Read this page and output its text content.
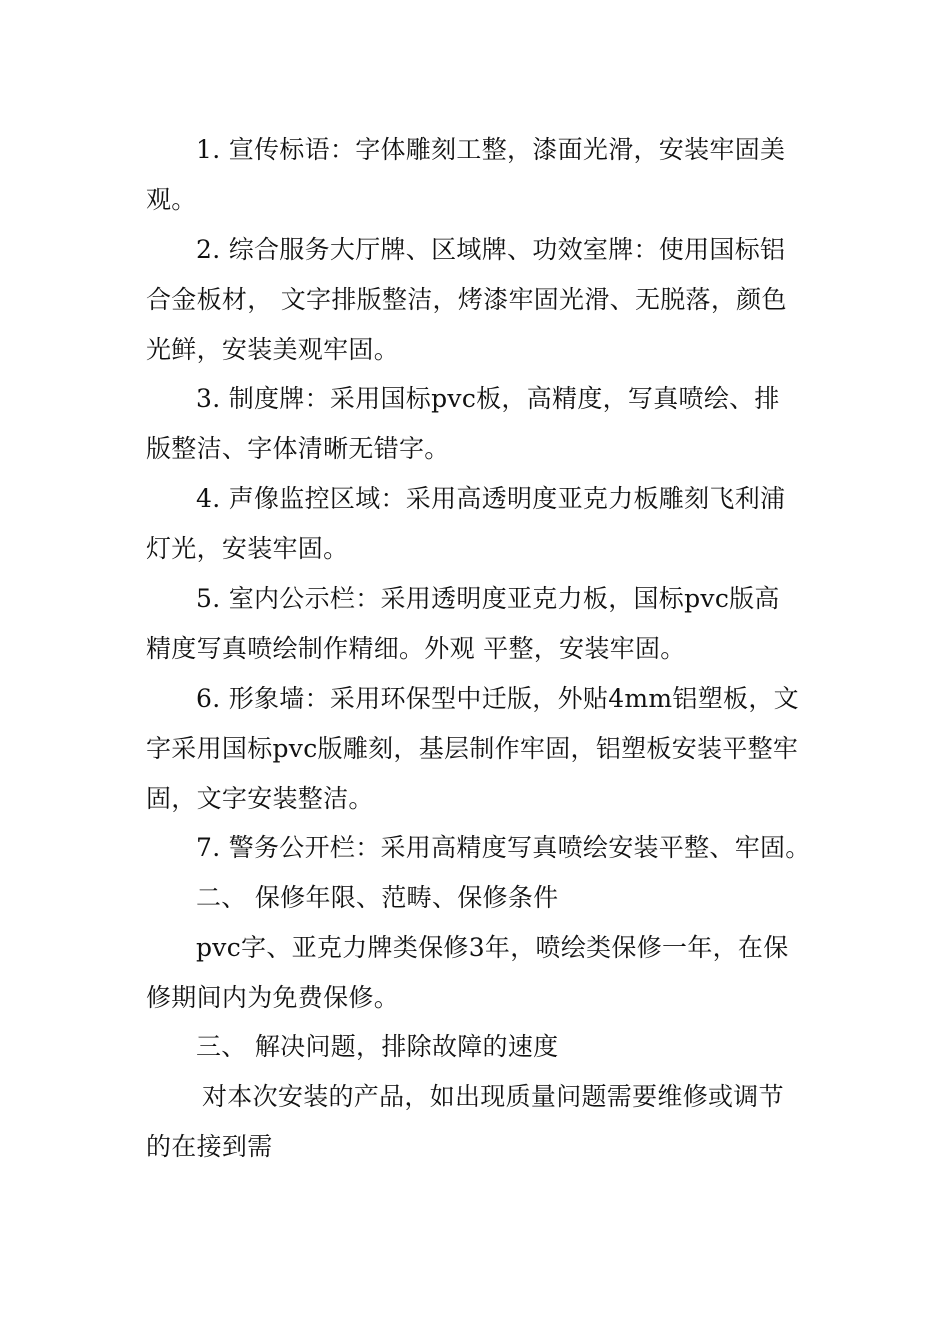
1. 宣传标语：字体雕刻工整，漆面光滑，安装牢固美
观。
2. 综合服务大厅牌、区域牌、功效室牌：使用国标铝
合金板材， 文字排版整洁，烤漆牢固光滑、无脱落，颜色
光鲜，安装美观牢固。
3. 制度牌：采用国标pvc板，高精度，写真喷绘、排
版整洁、字体清晰无错字。
4. 声像监控区域：采用高透明度亚克力板雕刻飞利浦
灯光，安装牢固。
5. 室内公示栏：采用透明度亚克力板，国标pvc版高
精度写真喷绘制作精细。外观 平整，安装牢固。
6. 形象墙：采用环保型中迁版，外贴4mm铝塑板，文
字采用国标pvc版雕刻，基层制作牢固，铝塑板安装平整牢
固，文字安装整洁。
7. 警务公开栏：采用高精度写真喷绘安装平整、牢固。
二、 保修年限、范畴、保修条件
pvc字、亚克力牌类保修3年，喷绘类保修一年，在保
修期间内为免费保修。
三、 解决问题，排除故障的速度
对本次安装的产品，如出现质量问题需要维修或调节
的在接到需
